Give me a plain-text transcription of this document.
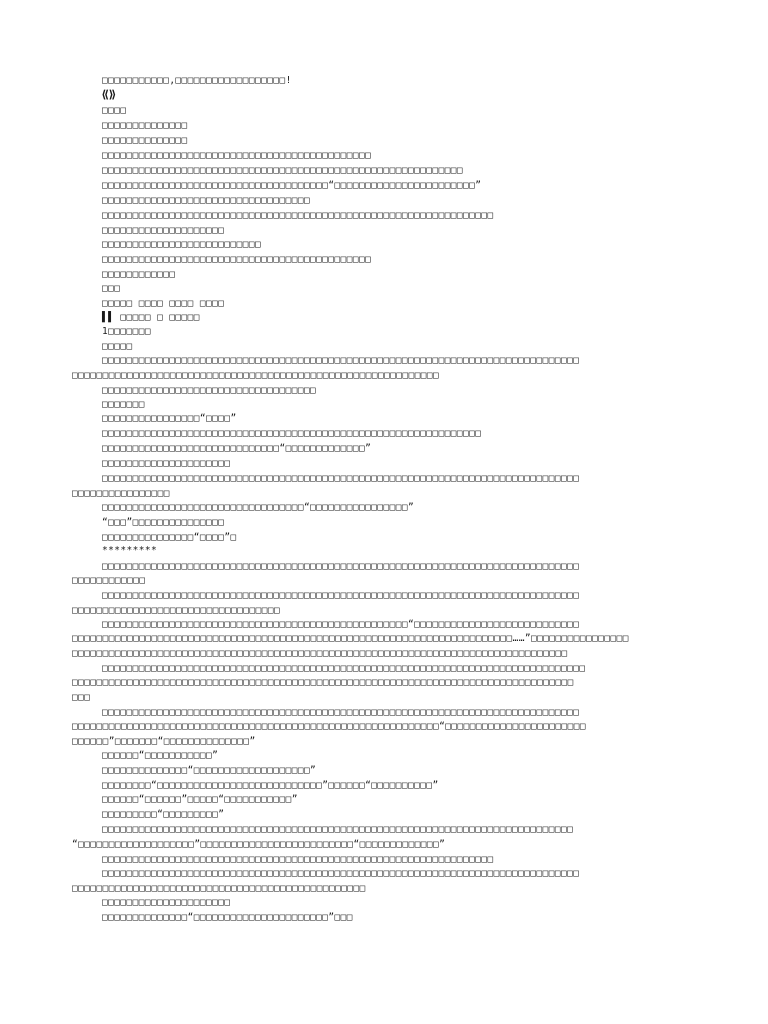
□□□□□□□□□□□,□□□□□□□□□□□□□□□□□□!
⟪⟫
□□□□
□□□□□□□□□□□□□□
□□□□□□□□□□□□□□
□□□□□□□□□□□□□□□□□□□□□□□□□□□□□□□□□□□□□□□□□□□□
□□□□□□□□□□□□□□□□□□□□□□□□□□□□□□□□□□□□□□□□□□□□□□□□□□□□□□□□□□□
□□□□□□□□□□□□□□□□□□□□□□□□□□□□□□□□□□□□□“□□□□□□□□□□□□□□□□□□□□□□□”
□□□□□□□□□□□□□□□□□□□□□□□□□□□□□□□□□□
□□□□□□□□□□□□□□□□□□□□□□□□□□□□□□□□□□□□□□□□□□□□□□□□□□□□□□□□□□□□□□□□
□□□□□□□□□□□□□□□□□□□□
□□□□□□□□□□□□□□□□□□□□□□□□□□
□□□□□□□□□□□□□□□□□□□□□□□□□□□□□□□□□□□□□□□□□□□□
□□□□□□□□□□□□
□□□
□□□□□ □□□□ □□□□ □□□□
▌▌ □□□□□ □ □□□□□
1□□□□□□□
□□□□□
□□□□□□□□□□□□□□□□□□□□□□□□□□□□□□□□□□□□□□□□□□□□□□□□□□□□□□□□□□□□□□□□□□□□□□□□□□□□□□
□□□□□□□□□□□□□□□□□□□□□□□□□□□□□□□□□□□□□□□□□□□□□□□□□□□□□□□□□□□□
□□□□□□□□□□□□□□□□□□□□□□□□□□□□□□□□□□□
□□□□□□□
□□□□□□□□□□□□□□□□“□□□□”
□□□□□□□□□□□□□□□□□□□□□□□□□□□□□□□□□□□□□□□□□□□□□□□□□□□□□□□□□□□□□□
□□□□□□□□□□□□□□□□□□□□□□□□□□□□□“□□□□□□□□□□□□□”
□□□□□□□□□□□□□□□□□□□□□
□□□□□□□□□□□□□□□□□□□□□□□□□□□□□□□□□□□□□□□□□□□□□□□□□□□□□□□□□□□□□□□□□□□□□□□□□□□□□□
□□□□□□□□□□□□□□□□
□□□□□□□□□□□□□□□□□□□□□□□□□□□□□□□□□“□□□□□□□□□□□□□□□□”
“□□□”□□□□□□□□□□□□□□□
□□□□□□□□□□□□□□□“□□□□”□
*********
□□□□□□□□□□□□□□□□□□□□□□□□□□□□□□□□□□□□□□□□□□□□□□□□□□□□□□□□□□□□□□□□□□□□□□□□□□□□□□
□□□□□□□□□□□□
□□□□□□□□□□□□□□□□□□□□□□□□□□□□□□□□□□□□□□□□□□□□□□□□□□□□□□□□□□□□□□□□□□□□□□□□□□□□□□
□□□□□□□□□□□□□□□□□□□□□□□□□□□□□□□□□□
□□□□□□□□□□□□□□□□□□□□□□□□□□□□□□□□□□□□□□□□□□□□□□□□□□“□□□□□□□□□□□□□□□□□□□□□□□□□□□
□□□□□□□□□□□□□□□□□□□□□□□□□□□□□□□□□□□□□□□□□□□□□□□□□□□□□□□□□□□□□□□□□□□□□□□□……”□□□□□□□□□□□□□□□□
□□□□□□□□□□□□□□□□□□□□□□□□□□□□□□□□□□□□□□□□□□□□□□□□□□□□□□□□□□□□□□□□□□□□□□□□□□□□□□□□□
□□□□□□□□□□□□□□□□□□□□□□□□□□□□□□□□□□□□□□□□□□□□□□□□□□□□□□□□□□□□□□□□□□□□□□□□□□□□□□□
□□□□□□□□□□□□□□□□□□□□□□□□□□□□□□□□□□□□□□□□□□□□□□□□□□□□□□□□□□□□□□□□□□□□□□□□□□□□□□□□□□
□□□
□□□□□□□□□□□□□□□□□□□□□□□□□□□□□□□□□□□□□□□□□□□□□□□□□□□□□□□□□□□□□□□□□□□□□□□□□□□□□□
□□□□□□□□□□□□□□□□□□□□□□□□□□□□□□□□□□□□□□□□□□□□□□□□□□□□□□□□□□□□“□□□□□□□□□□□□□□□□□□□□□□□
□□□□□□”□□□□□□□“□□□□□□□□□□□□□□”
□□□□□□“□□□□□□□□□□□”
□□□□□□□□□□□□□□“□□□□□□□□□□□□□□□□□□□”
□□□□□□□□“□□□□□□□□□□□□□□□□□□□□□□□□□□□”□□□□□□“□□□□□□□□□□”
□□□□□□“□□□□□□”□□□□□“□□□□□□□□□□□”
□□□□□□□□□“□□□□□□□□□”
□□□□□□□□□□□□□□□□□□□□□□□□□□□□□□□□□□□□□□□□□□□□□□□□□□□□□□□□□□□□□□□□□□□□□□□□□□□□□
“□□□□□□□□□□□□□□□□□□□”□□□□□□□□□□□□□□□□□□□□□□□□□“□□□□□□□□□□□□□”
□□□□□□□□□□□□□□□□□□□□□□□□□□□□□□□□□□□□□□□□□□□□□□□□□□□□□□□□□□□□□□□□
□□□□□□□□□□□□□□□□□□□□□□□□□□□□□□□□□□□□□□□□□□□□□□□□□□□□□□□□□□□□□□□□□□□□□□□□□□□□□□
□□□□□□□□□□□□□□□□□□□□□□□□□□□□□□□□□□□□□□□□□□□□□□□□
□□□□□□□□□□□□□□□□□□□□□
□□□□□□□□□□□□□□“□□□□□□□□□□□□□□□□□□□□□□”□□□
